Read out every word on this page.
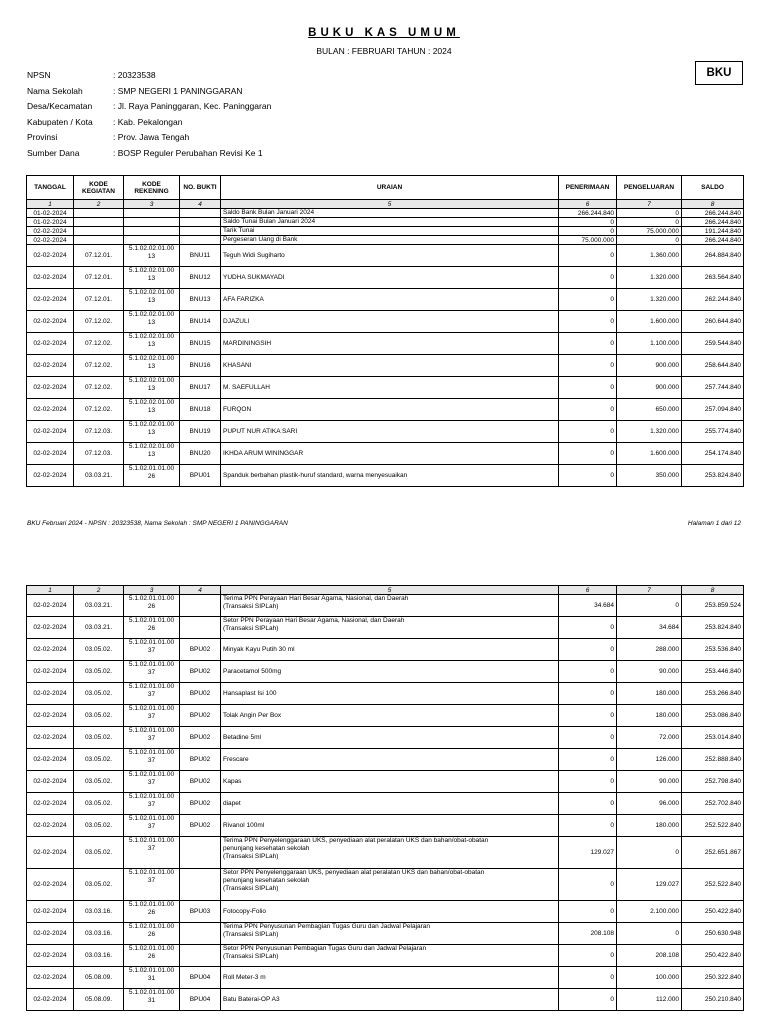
BUKU KAS UMUM
BULAN : FEBRUARI TAHUN : 2024
BKU
NPSN	: 20323538
Nama Sekolah	: SMP NEGERI 1 PANINGGARAN
Desa/Kecamatan	: Jl. Raya Paninggaran, Kec. Paninggaran
Kabupaten / Kota	: Kab. Pekalongan
Provinsi	: Prov. Jawa Tengah
Sumber Dana	: BOSP Reguler Perubahan Revisi Ke 1
TANGGAL	KODE KEGIATAN	KODE REKENING	NO. BUKTI	URAIAN	PENERIMAAN	PENGELUARAN	SALDO
1	2	3	4	5	6	7	8
01-02-2024				Saldo Bank Bulan Januari 2024	266.244.840	0	266.244.840
01-02-2024				Saldo Tunai Bulan Januari 2024	0	0	266.244.840
02-02-2024				Tarik Tunai	0	75.000.000	191.244.840
02-02-2024				Pergeseran Uang di Bank	75.000.000	0	266.244.840
02-02-2024	07.12.01.	5.1.02.02.01.00 13	BNU11	Teguh Widi Sugiharto	0	1.360.000	264.884.840
02-02-2024	07.12.01.	5.1.02.02.01.00 13	BNU12	YUDHA SUKMAYADI	0	1.320.000	263.564.840
02-02-2024	07.12.01.	5.1.02.02.01.00 13	BNU13	AFA FARIZKA	0	1.320.000	262.244.840
02-02-2024	07.12.02.	5.1.02.02.01.00 13	BNU14	DJAZULI	0	1.600.000	260.644.840
02-02-2024	07.12.02.	5.1.02.02.01.00 13	BNU15	MARDININGSIH	0	1.100.000	259.544.840
02-02-2024	07.12.02.	5.1.02.02.01.00 13	BNU16	KHASANI	0	900.000	258.644.840
02-02-2024	07.12.02.	5.1.02.02.01.00 13	BNU17	M. SAEFULLAH	0	900.000	257.744.840
02-02-2024	07.12.02.	5.1.02.02.01.00 13	BNU18	FURQON	0	650.000	257.094.840
02-02-2024	07.12.03.	5.1.02.02.01.00 13	BNU19	PUPUT NUR ATIKA SARI	0	1.320.000	255.774.840
02-02-2024	07.12.03.	5.1.02.02.01.00 13	BNU20	IKHDA ARUM WININGGAR	0	1.600.000	254.174.840
02-02-2024	03.03.21.	5.1.02.01.01.00 26	BPU01	Spanduk berbahan plastik-huruf standard, warna menyesuaikan	0	350.000	253.824.840
BKU Februari 2024 - NPSN : 20323538, Nama Sekolah : SMP NEGERI 1 PANINGGARAN	Halaman 1 dari 12
1	2	3	4	5	6	7	8
02-02-2024	03.03.21.	5.1.02.01.01.00 26		Terima PPN Perayaan Hari Besar Agama, Nasional, dan Daerah
(Transaksi SIPLah)	34.684	0	253.859.524
02-02-2024	03.03.21.	5.1.02.01.01.00 26		Setor PPN Perayaan Hari Besar Agama, Nasional, dan Daerah
(Transaksi SIPLah)	0	34.684	253.824.840
02-02-2024	03.05.02.	5.1.02.01.01.00 37	BPU02	Minyak Kayu Putih 30 ml	0	288.000	253.536.840
02-02-2024	03.05.02.	5.1.02.01.01.00 37	BPU02	Paracetamol 500mg	0	90.000	253.446.840
02-02-2024	03.05.02.	5.1.02.01.01.00 37	BPU02	Hansaplast Isi 100	0	180.000	253.266.840
02-02-2024	03.05.02.	5.1.02.01.01.00 37	BPU02	Tolak Angin Per Box	0	180.000	253.086.840
02-02-2024	03.05.02.	5.1.02.01.01.00 37	BPU02	Betadine 5ml	0	72.000	253.014.840
02-02-2024	03.05.02.	5.1.02.01.01.00 37	BPU02	Frescare	0	126.000	252.888.840
02-02-2024	03.05.02.	5.1.02.01.01.00 37	BPU02	Kapas	0	90.000	252.798.840
02-02-2024	03.05.02.	5.1.02.01.01.00 37	BPU02	diapet	0	96.000	252.702.840
02-02-2024	03.05.02.	5.1.02.01.01.00 37	BPU02	Rivanol 100ml	0	180.000	252.522.840
02-02-2024	03.05.02.	5.1.02.01.01.00 37		Terima PPN Penyelenggaraan UKS, penyediaan alat peralatan UKS dan bahan/obat-obatan
penunjang kesehatan sekolah
(Transaksi SIPLah)	129.027	0	252.651.867
02-02-2024	03.05.02.	5.1.02.01.01.00 37		Setor PPN Penyelenggaraan UKS, penyediaan alat peralatan UKS dan bahan/obat-obatan
penunjang kesehatan sekolah
(Transaksi SIPLah)	0	129.027	252.522.840
02-02-2024	03.03.16.	5.1.02.01.01.00 26	BPU03	Fotocopy-Folio	0	2.100.000	250.422.840
02-02-2024	03.03.16.	5.1.02.01.01.00 26		Terima PPN Penyusunan Pembagian Tugas Guru dan Jadwal Pelajaran
(Transaksi SIPLah)	208.108	0	250.630.948
02-02-2024	03.03.16.	5.1.02.01.01.00 26		Setor PPN Penyusunan Pembagian Tugas Guru dan Jadwal Pelajaran
(Transaksi SIPLah)	0	208.108	250.422.840
02-02-2024	05.08.09.	5.1.02.01.01.00 31	BPU04	Roll Meter-3 m	0	100.000	250.322.840
02-02-2024	05.08.09.	5.1.02.01.01.00 31	BPU04	Batu Baterai-OP A3	0	112.000	250.210.840
